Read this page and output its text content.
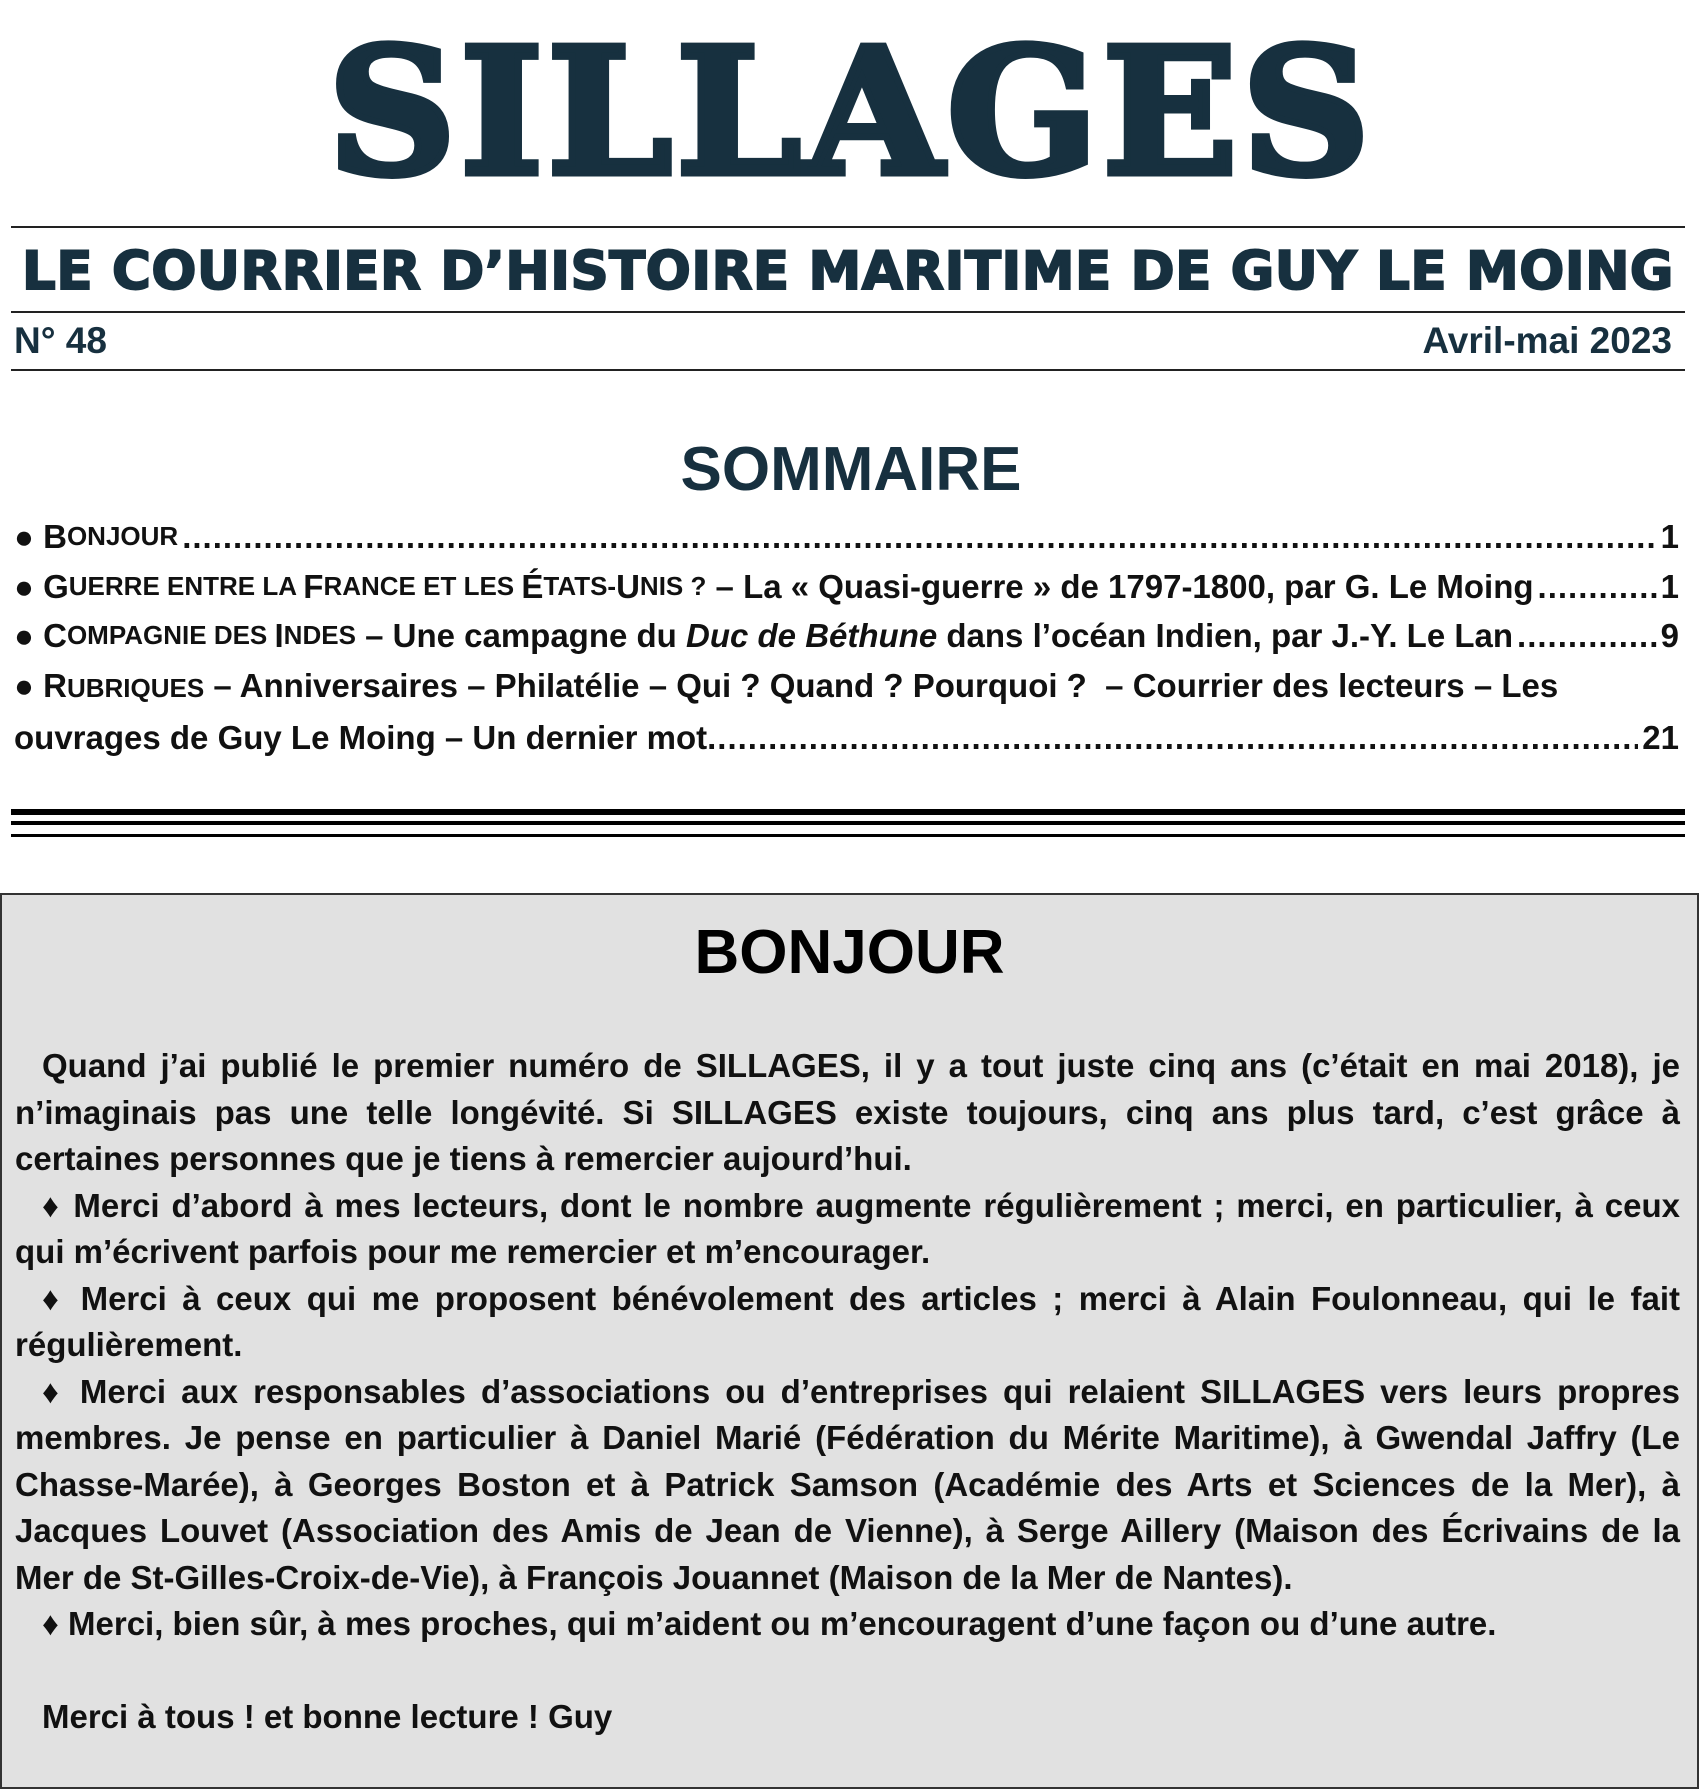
SILLAGES
LE COURRIER D’HISTOIRE MARITIME DE GUY LE MOING
N° 48	Avril-mai 2023
SOMMAIRE
●
B ONJOUR .....	1
●
G UERRE ENTRE LA F RANCE ET LES É TATS- U NIS ? – La « Quasi-guerre » de 1797-1800, par G. Le Moing .....	1
●
C OMPAGNIE DES I NDES – Une campagne du Duc de Béthune dans l’océan Indien, par J.-Y. Le Lan .....	9
● RUBRIQUES – Anniversaires – Philatélie – Qui ? Quand ? Pourquoi ?  – Courrier des lecteurs – Les
ouvrages de Guy Le Moing – Un dernier mot .....	21
BONJOUR

Quand j’ai publié le premier numéro de SILLAGES, il y a tout juste cinq ans (c’était en mai 2018), je n’imaginais pas une telle longévité. Si SILLAGES existe toujours, cinq ans plus tard, c’est grâce à certaines personnes que je tiens à remercier aujourd’hui.

♦ Merci d’abord à mes lecteurs, dont le nombre augmente régulièrement ; merci, en particulier, à ceux qui m’écrivent parfois pour me remercier et m’encourager.

♦ Merci à ceux qui me proposent bénévolement des articles ; merci à Alain Foulonneau, qui le fait régulièrement.

♦ Merci aux responsables d’associations ou d’entreprises qui relaient SILLAGES vers leurs propres membres. Je pense en particulier à Daniel Marié (Fédération du Mérite Maritime), à Gwendal Jaffry (Le Chasse-Marée), à Georges Boston et à Patrick Samson (Académie des Arts et Sciences de la Mer), à Jacques Louvet (Association des Amis de Jean de Vienne), à Serge Aillery (Maison des Écrivains de la Mer de St-Gilles-Croix-de-Vie), à François Jouannet (Maison de la Mer de Nantes).

♦ Merci, bien sûr, à mes proches, qui m’aident ou m’encouragent d’une façon ou d’une autre.

Merci à tous ! et bonne lecture ! Guy
